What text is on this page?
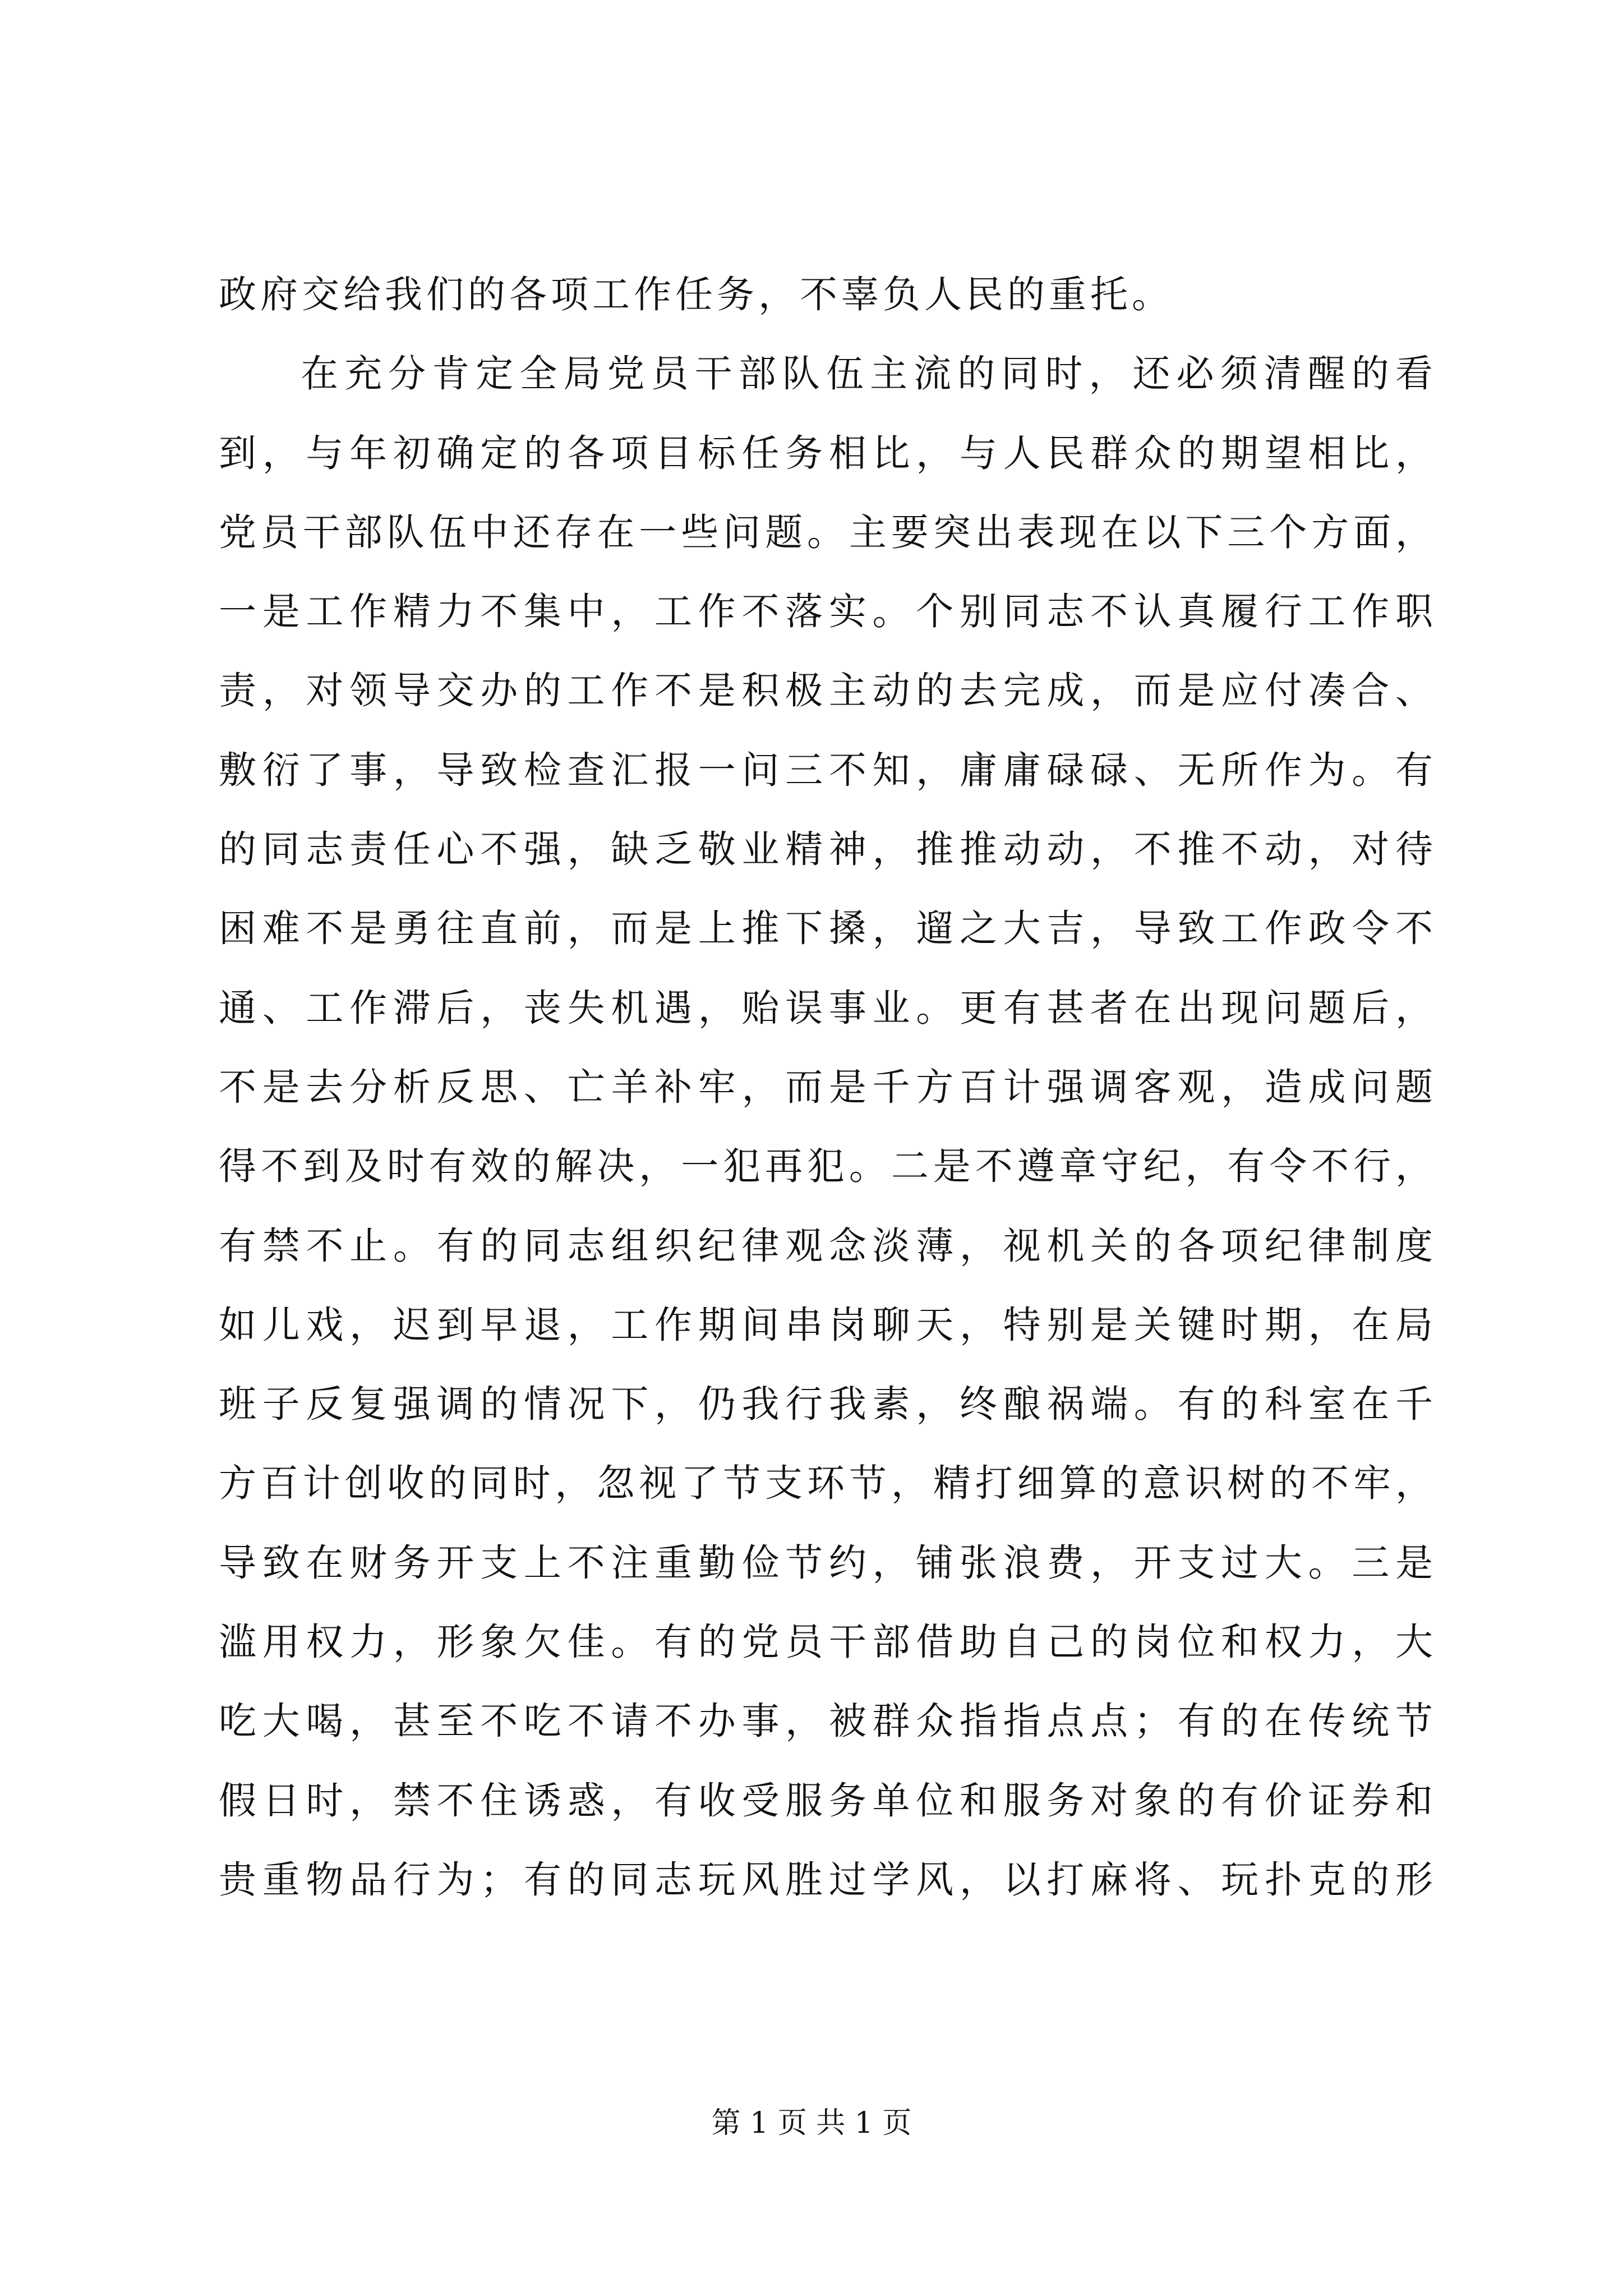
政府交给我们的各项工作任务，不辜负人民的重托。
在充分肯定全局党员干部队伍主流的同时，还必须清醒的看
到，与年初确定的各项目标任务相比，与人民群众的期望相比，
党员干部队伍中还存在一些问题。主要突出表现在以下三个方面，
一是工作精力不集中，工作不落实。个别同志不认真履行工作职
责，对领导交办的工作不是积极主动的去完成，而是应付凑合、
敷衍了事，导致检查汇报一问三不知，庸庸碌碌、无所作为。有
的同志责任心不强，缺乏敬业精神，推推动动，不推不动，对待
困难不是勇往直前，而是上推下搡，遛之大吉，导致工作政令不
通、工作滞后，丧失机遇，贻误事业。更有甚者在出现问题后，
不是去分析反思、亡羊补牢，而是千方百计强调客观，造成问题
得不到及时有效的解决，一犯再犯。二是不遵章守纪，有令不行，
有禁不止。有的同志组织纪律观念淡薄，视机关的各项纪律制度
如儿戏，迟到早退，工作期间串岗聊天，特别是关键时期，在局
班子反复强调的情况下，仍我行我素，终酿祸端。有的科室在千
方百计创收的同时，忽视了节支环节，精打细算的意识树的不牢，
导致在财务开支上不注重勤俭节约，铺张浪费，开支过大。三是
滥用权力，形象欠佳。有的党员干部借助自己的岗位和权力，大
吃大喝，甚至不吃不请不办事，被群众指指点点；有的在传统节
假日时，禁不住诱惑，有收受服务单位和服务对象的有价证券和
贵重物品行为；有的同志玩风胜过学风，以打麻将、玩扑克的形
第 1 页 共 1 页
